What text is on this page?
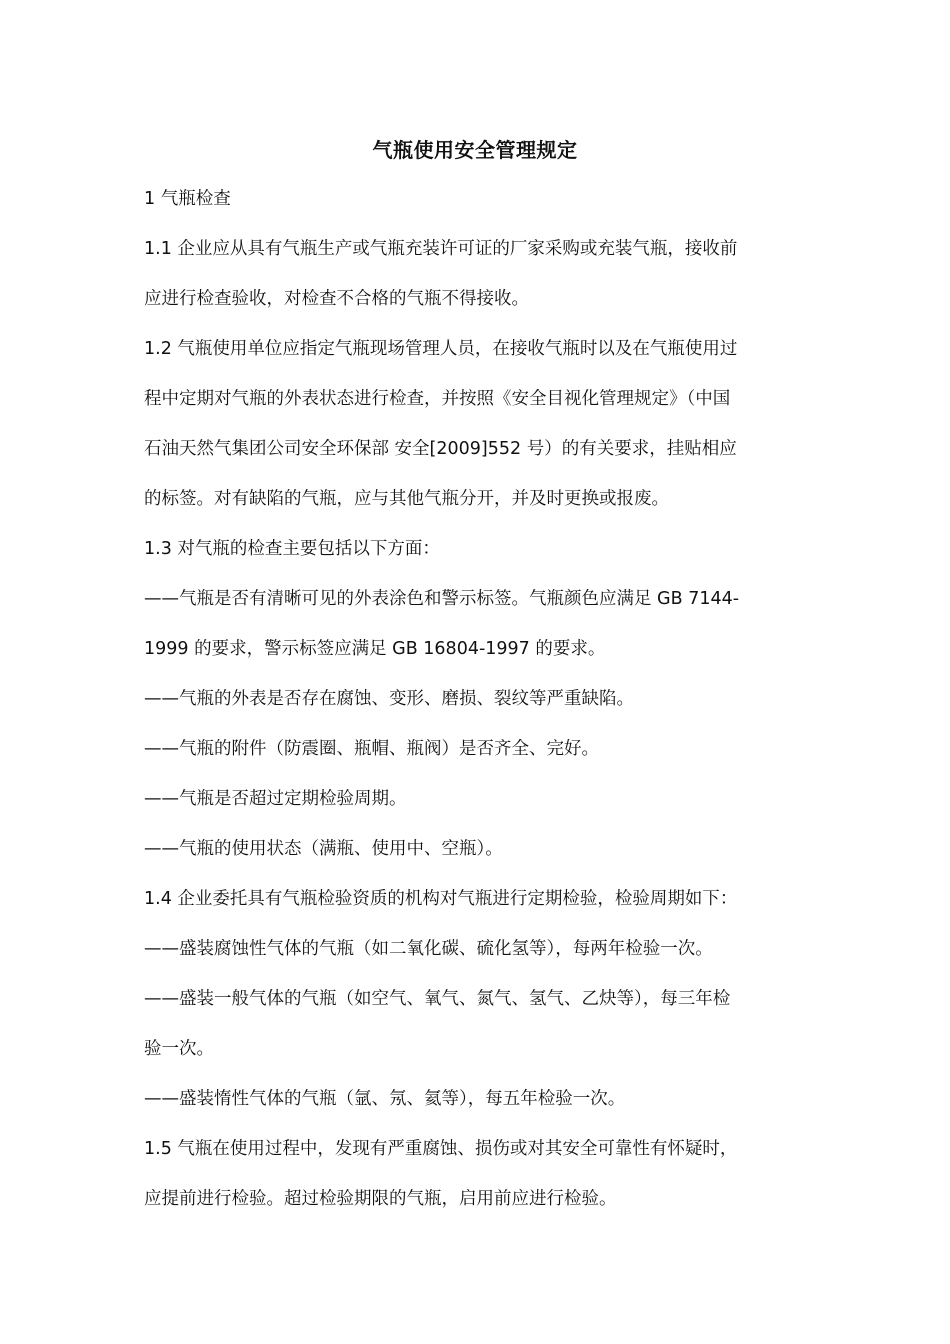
气瓶使用安全管理规定
1 气瓶检查
1.1 企业应从具有气瓶生产或气瓶充装许可证的厂家采购或充装气瓶，接收前
应进行检查验收，对检查不合格的气瓶不得接收。
1.2 气瓶使用单位应指定气瓶现场管理人员，在接收气瓶时以及在气瓶使用过
程中定期对气瓶的外表状态进行检查，并按照《安全目视化管理规定》（中国
石油天然气集团公司安全环保部 安全[2009]552 号）的有关要求，挂贴相应
的标签。对有缺陷的气瓶，应与其他气瓶分开，并及时更换或报废。
1.3 对气瓶的检查主要包括以下方面：
——气瓶是否有清晰可见的外表涂色和警示标签。气瓶颜色应满足 GB 7144-
1999 的要求，警示标签应满足 GB 16804-1997 的要求。
——气瓶的外表是否存在腐蚀、变形、磨损、裂纹等严重缺陷。
——气瓶的附件（防震圈、瓶帽、瓶阀）是否齐全、完好。
——气瓶是否超过定期检验周期。
——气瓶的使用状态（满瓶、使用中、空瓶）。
1.4 企业委托具有气瓶检验资质的机构对气瓶进行定期检验，检验周期如下：
——盛装腐蚀性气体的气瓶（如二氧化碳、硫化氢等），每两年检验一次。
——盛装一般气体的气瓶（如空气、氧气、氮气、氢气、乙炔等），每三年检
验一次。
——盛装惰性气体的气瓶（氩、氖、氦等），每五年检验一次。
1.5 气瓶在使用过程中，发现有严重腐蚀、损伤或对其安全可靠性有怀疑时，
应提前进行检验。超过检验期限的气瓶，启用前应进行检验。
